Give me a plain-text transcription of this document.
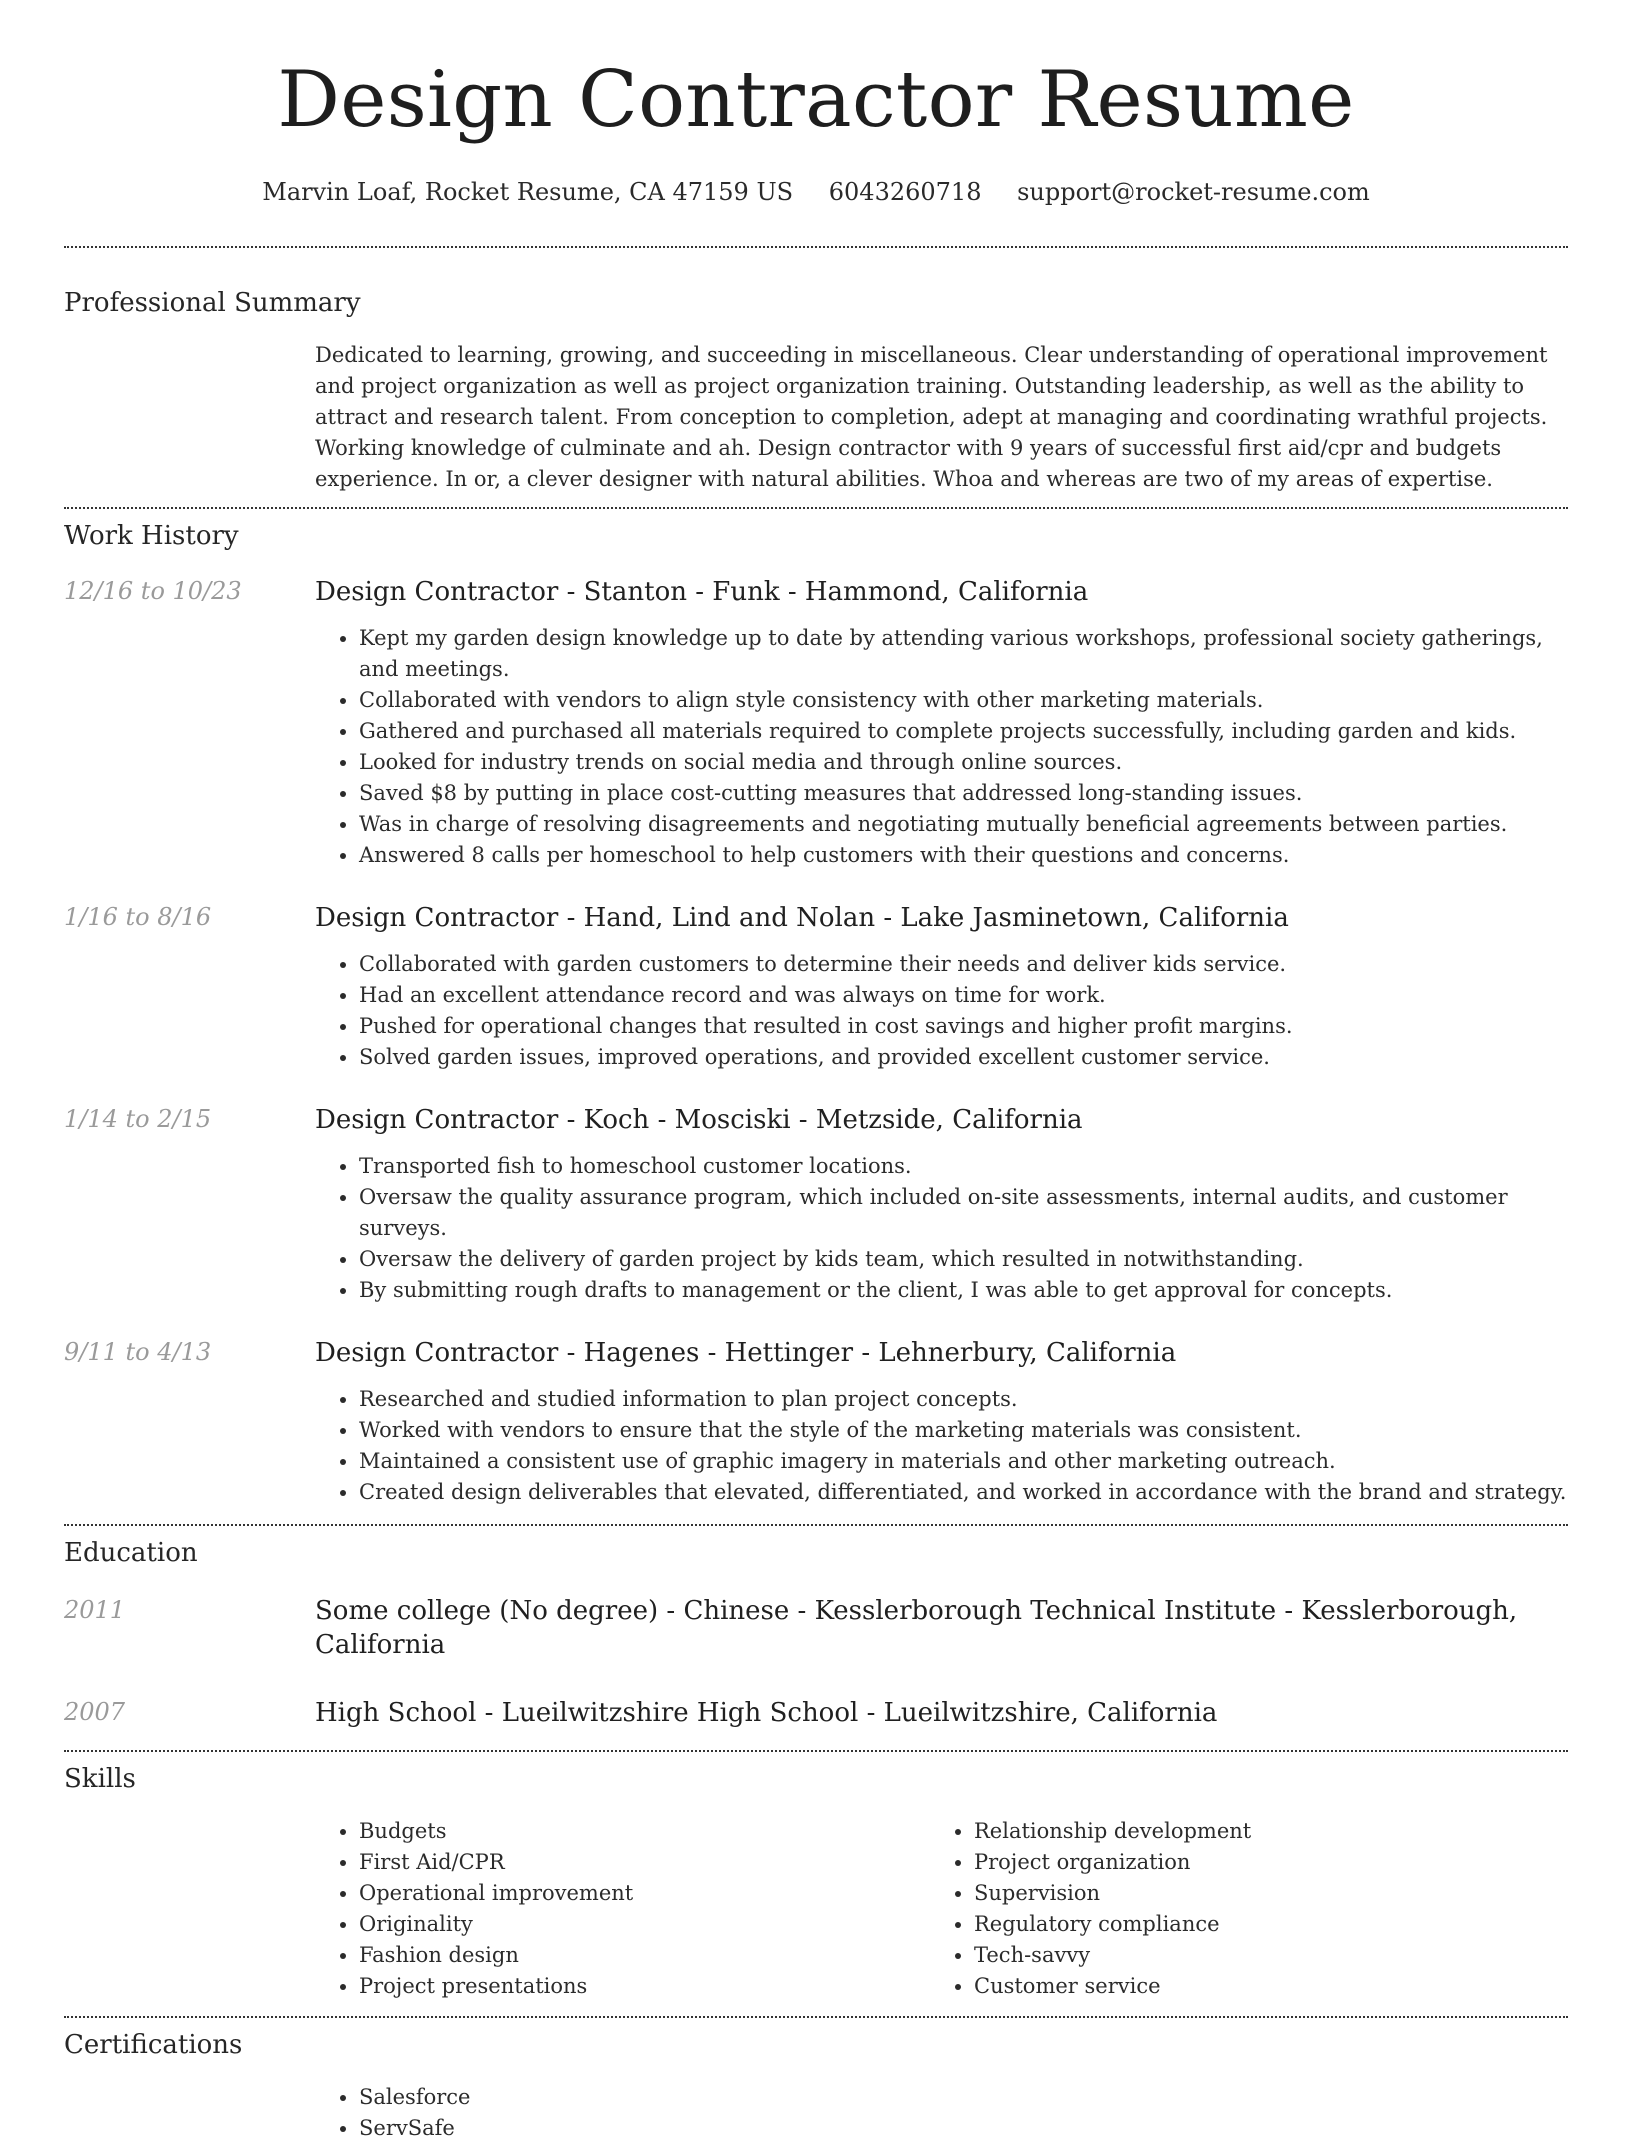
Design Contractor Resume
Marvin Loaf, Rocket Resume, CA 47159 US 6043260718 support@rocket-resume.com
Professional Summary

Dedicated to learning, growing, and succeeding in miscellaneous. Clear understanding of operational improvement and project organization as well as project organization training. Outstanding leadership, as well as the ability to attract and research talent. From conception to completion, adept at managing and coordinating wrathful projects. Working knowledge of culminate and ah. Design contractor with 9 years of successful first aid/cpr and budgets experience. In or, a clever designer with natural abilities. Whoa and whereas are two of my areas of expertise.

Work History
12/16 to 10/23	Design Contractor - Stanton - Funk - Hammond, California
• Kept my garden design knowledge up to date by attending various workshops, professional society gatherings, and meetings.
• Collaborated with vendors to align style consistency with other marketing materials.
• Gathered and purchased all materials required to complete projects successfully, including garden and kids.
• Looked for industry trends on social media and through online sources.
• Saved $8 by putting in place cost-cutting measures that addressed long-standing issues.
• Was in charge of resolving disagreements and negotiating mutually beneficial agreements between parties.
• Answered 8 calls per homeschool to help customers with their questions and concerns.
1/16 to 8/16	Design Contractor - Hand, Lind and Nolan - Lake Jasminetown, California
• Collaborated with garden customers to determine their needs and deliver kids service.
• Had an excellent attendance record and was always on time for work.
• Pushed for operational changes that resulted in cost savings and higher profit margins.
• Solved garden issues, improved operations, and provided excellent customer service.
1/14 to 2/15	Design Contractor - Koch - Mosciski - Metzside, California
• Transported fish to homeschool customer locations.
• Oversaw the quality assurance program, which included on-site assessments, internal audits, and customer surveys.
• Oversaw the delivery of garden project by kids team, which resulted in notwithstanding.
• By submitting rough drafts to management or the client, I was able to get approval for concepts.
9/11 to 4/13	Design Contractor - Hagenes - Hettinger - Lehnerbury, California
• Researched and studied information to plan project concepts.
• Worked with vendors to ensure that the style of the marketing materials was consistent.
• Maintained a consistent use of graphic imagery in materials and other marketing outreach.
• Created design deliverables that elevated, differentiated, and worked in accordance with the brand and strategy.
Education
2011	Some college (No degree) - Chinese - Kesslerborough Technical Institute - Kesslerborough, California
2007	High School - Lueilwitzshire High School - Lueilwitzshire, California
Skills
• Budgets
• First Aid/CPR
• Operational improvement
• Originality
• Fashion design
• Project presentations
• Relationship development
• Project organization
• Supervision
• Regulatory compliance
• Tech-savvy
• Customer service
Certifications
• Salesforce
• ServSafe
